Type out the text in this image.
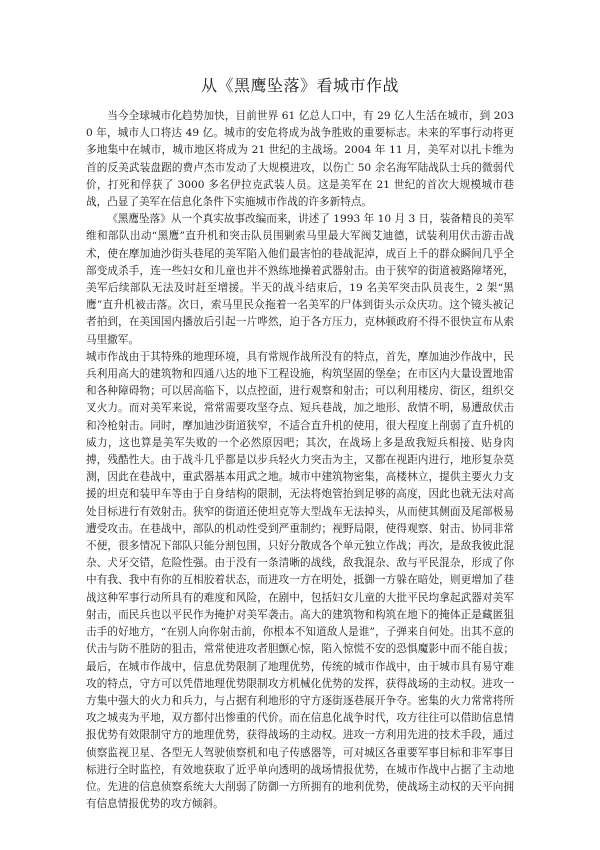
从《黑鹰坠落》看城市作战

当今全球城市化趋势加快，目前世界 61 亿总人口中，有 29 亿人生活在城市，到 2030 年，城市人口将达 49 亿。城市的安危将成为战争胜败的重要标志。未来的军事行动将更多地集中在城市，城市地区将成为 21 世纪的主战场。2004 年 11 月，美军对以扎卡维为首的反美武装盘踞的费卢杰市发动了大规模进攻，以伤亡 50 余名海军陆战队士兵的微弱代价，打死和俘获了 3000 多名伊拉克武装人员。这是美军在 21 世纪的首次大规模城市巷战，凸显了美军在信息化条件下实施城市作战的许多新特点。

《黑鹰坠落》从一个真实故事改编而来，讲述了 1993 年 10 月 3 日，装备精良的美军维和部队出动“黑鹰”直升机和突击队员围剿索马里最大军阀艾迪德，试装利用伏击游击战术，使在摩加迪沙街头巷尾的美军陷入他们最害怕的巷战泥淖，成百上千的群众瞬间几乎全部变成杀手，连一些妇女和儿童也并不熟练地操着武器射击。由于狭窄的街道被路障堵死，美军后续部队无法及时赶至增援。半天的战斗结束后，19 名美军突击队员丧生，2 架“黑鹰”直升机被击落。次日，索马里民众拖着一名美军的尸体到街头示众庆功。这个镜头被记者拍到，在美国国内播放后引起一片哗然，迫于各方压力，克林顿政府不得不很快宣布从索马里撤军。

城市作战由于其特殊的地理环境，具有常规作战所没有的特点，首先，摩加迪沙作战中，民兵利用高大的建筑物和四通八达的地下工程设施，构筑坚固的堡垒；在市区内大量设置地雷和各种障碍物；可以居高临下，以点控面，进行观察和射击；可以利用楼房、街区，组织交叉火力。而对美军来说，常常需要攻坚夺点、短兵巷战，加之地形、敌情不明，易遭敌伏击和冷枪射击。同时，摩加迪沙街道狭窄，不适合直升机的使用，很大程度上削弱了直升机的威力，这也算是美军失败的一个必然原因吧；其次，在战场上多是敌我短兵相接、贴身肉搏，残酷性大。由于战斗几乎都是以步兵轻火力突击为主，又都在视距内进行，地形复杂莫测，因此在巷战中，重武器基本用武之地。城市中建筑物密集，高楼林立，提供主要火力支援的坦克和装甲车等由于自身结构的限制，无法将炮管抬到足够的高度，因此也就无法对高处目标进行有效射击。狭窄的街道还使坦克等大型战车无法掉头，从而使其侧面及尾部极易遭受攻击。在巷战中，部队的机动性受到严重制约；视野局限，使得观察、射击、协同非常不便，很多情况下部队只能分割包围，只好分散成各个单元独立作战；再次，是敌我彼此混杂、犬牙交错，危险性强。由于没有一条清晰的战线，敌我混杂、敌与平民混杂，形成了你中有我、我中有你的互相胶着状态，而进攻一方在明处，抵御一方躲在暗处，则更增加了巷战这种军事行动所具有的难度和风险，在剧中，包括妇女儿童的大批平民均拿起武器对美军射击，而民兵也以平民作为掩护对美军袭击。高大的建筑物和构筑在地下的掩体正是藏匿狙击手的好地方，“在别人向你射击前，你根本不知道敌人是谁”，子弹来自何处。出其不意的伏击与防不胜防的狙击，常常使进攻者胆颤心惊，陷入惊慌不安的恐惧魔影中而不能自拔；最后，在城市作战中，信息优势限制了地理优势，传统的城市作战中，由于城市具有易守难攻的特点，守方可以凭借地理优势限制攻方机械化优势的发挥，获得战场的主动权。进攻一方集中强大的火力和兵力，与占据有利地形的守方逐街逐巷展开争夺。密集的火力常常将所攻之城夷为平地，双方都付出惨重的代价。而在信息化战争时代，攻方往往可以借助信息情报优势有效限制守方的地理优势，获得战场的主动权。进攻一方利用先进的技术手段，通过侦察监视卫星、各型无人驾驶侦察机和电子传感器等，可对城区各重要军事目标和非军事目标进行全时监控，有效地获取了近乎单向透明的战场情报优势，在城市作战中占据了主动地位。先进的信息侦察系统大大削弱了防御一方所拥有的地利优势，使战场主动权的天平向拥有信息情报优势的攻方倾斜。
